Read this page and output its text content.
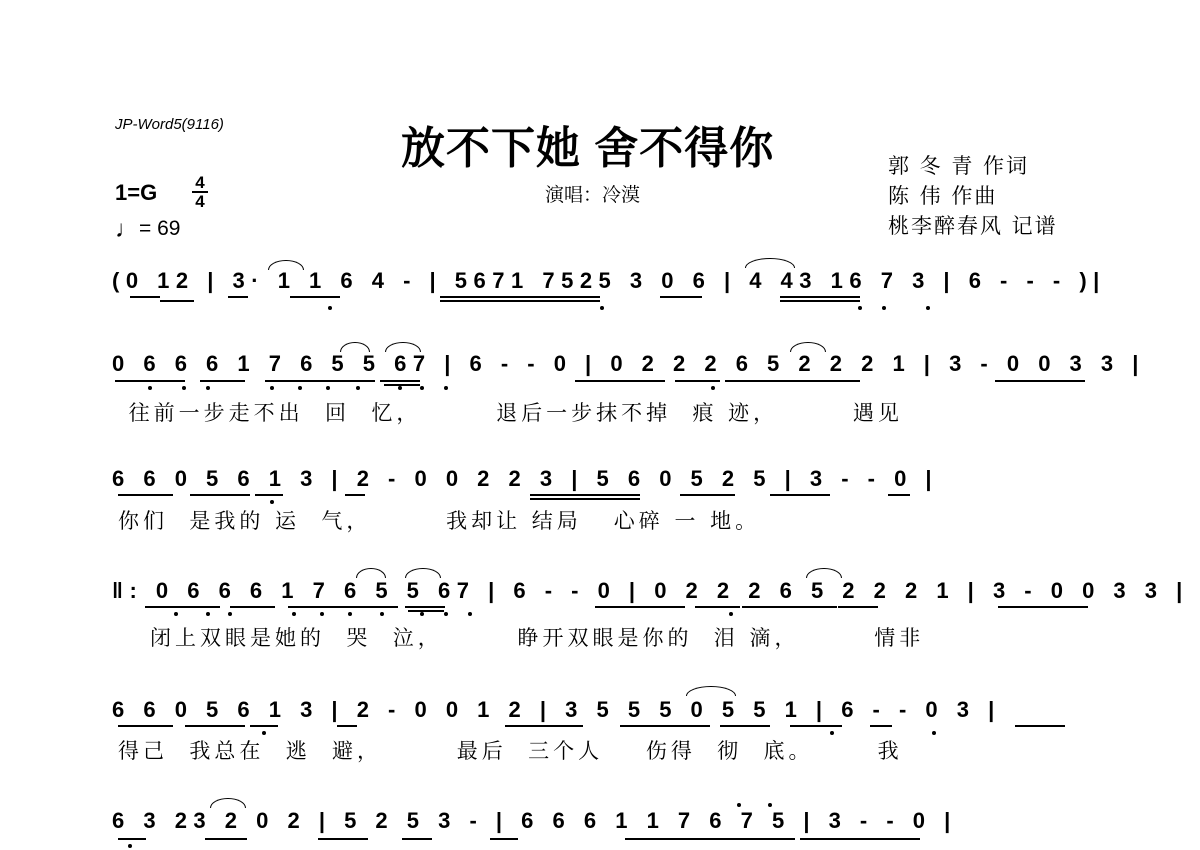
JP-Word5(9116)	放不下她 舍不得你
演唱：冷漠
郭 冬 青 作词
陈 伟 作曲
桃李醉春风 记谱
1=G	4
4
♩= 69
(0 12 | 3· 1 1 6 4 - | 5671 7525 3 0 6 | 4 43 16 7 3 | 6 - - - )|
0 6 6 6 1 7 6 5 5 67 | 6 - - 0 | 0 2 2 2 6 5 2 2 2 1 | 3 - 0 0 3 3 |
往前一步走不出  回  忆，       退后一步抹不掉  痕 迹，       遇见
6 6 0 5 6 1 3 | 2 - 0 0 2 2 3 | 5 6 0 5 2 5 | 3 - - 0 |
你们  是我的 运  气，       我却让 结局   心碎 一 地。
‖: 0 6 6 6 1 7 6 5 5 67 | 6 - - 0 | 0 2 2 2 6 5 2 2 2 1 | 3 - 0 0 3 3 |
闭上双眼是她的  哭  泣，       睁开双眼是你的  泪 滴，       情非
6 6 0 5 6 1 3 | 2 - 0 0 1 2 | 3 5 5 5 0 5 5 1 | 6 - - 0 3 |
得己  我总在  逃  避，       最后  三个人    伤得  彻  底。      我
6 3 23 2 0 2 | 5 2 5 3 - | 6 6 6 1 1 7 6 7 5 | 3 - - 0 |
